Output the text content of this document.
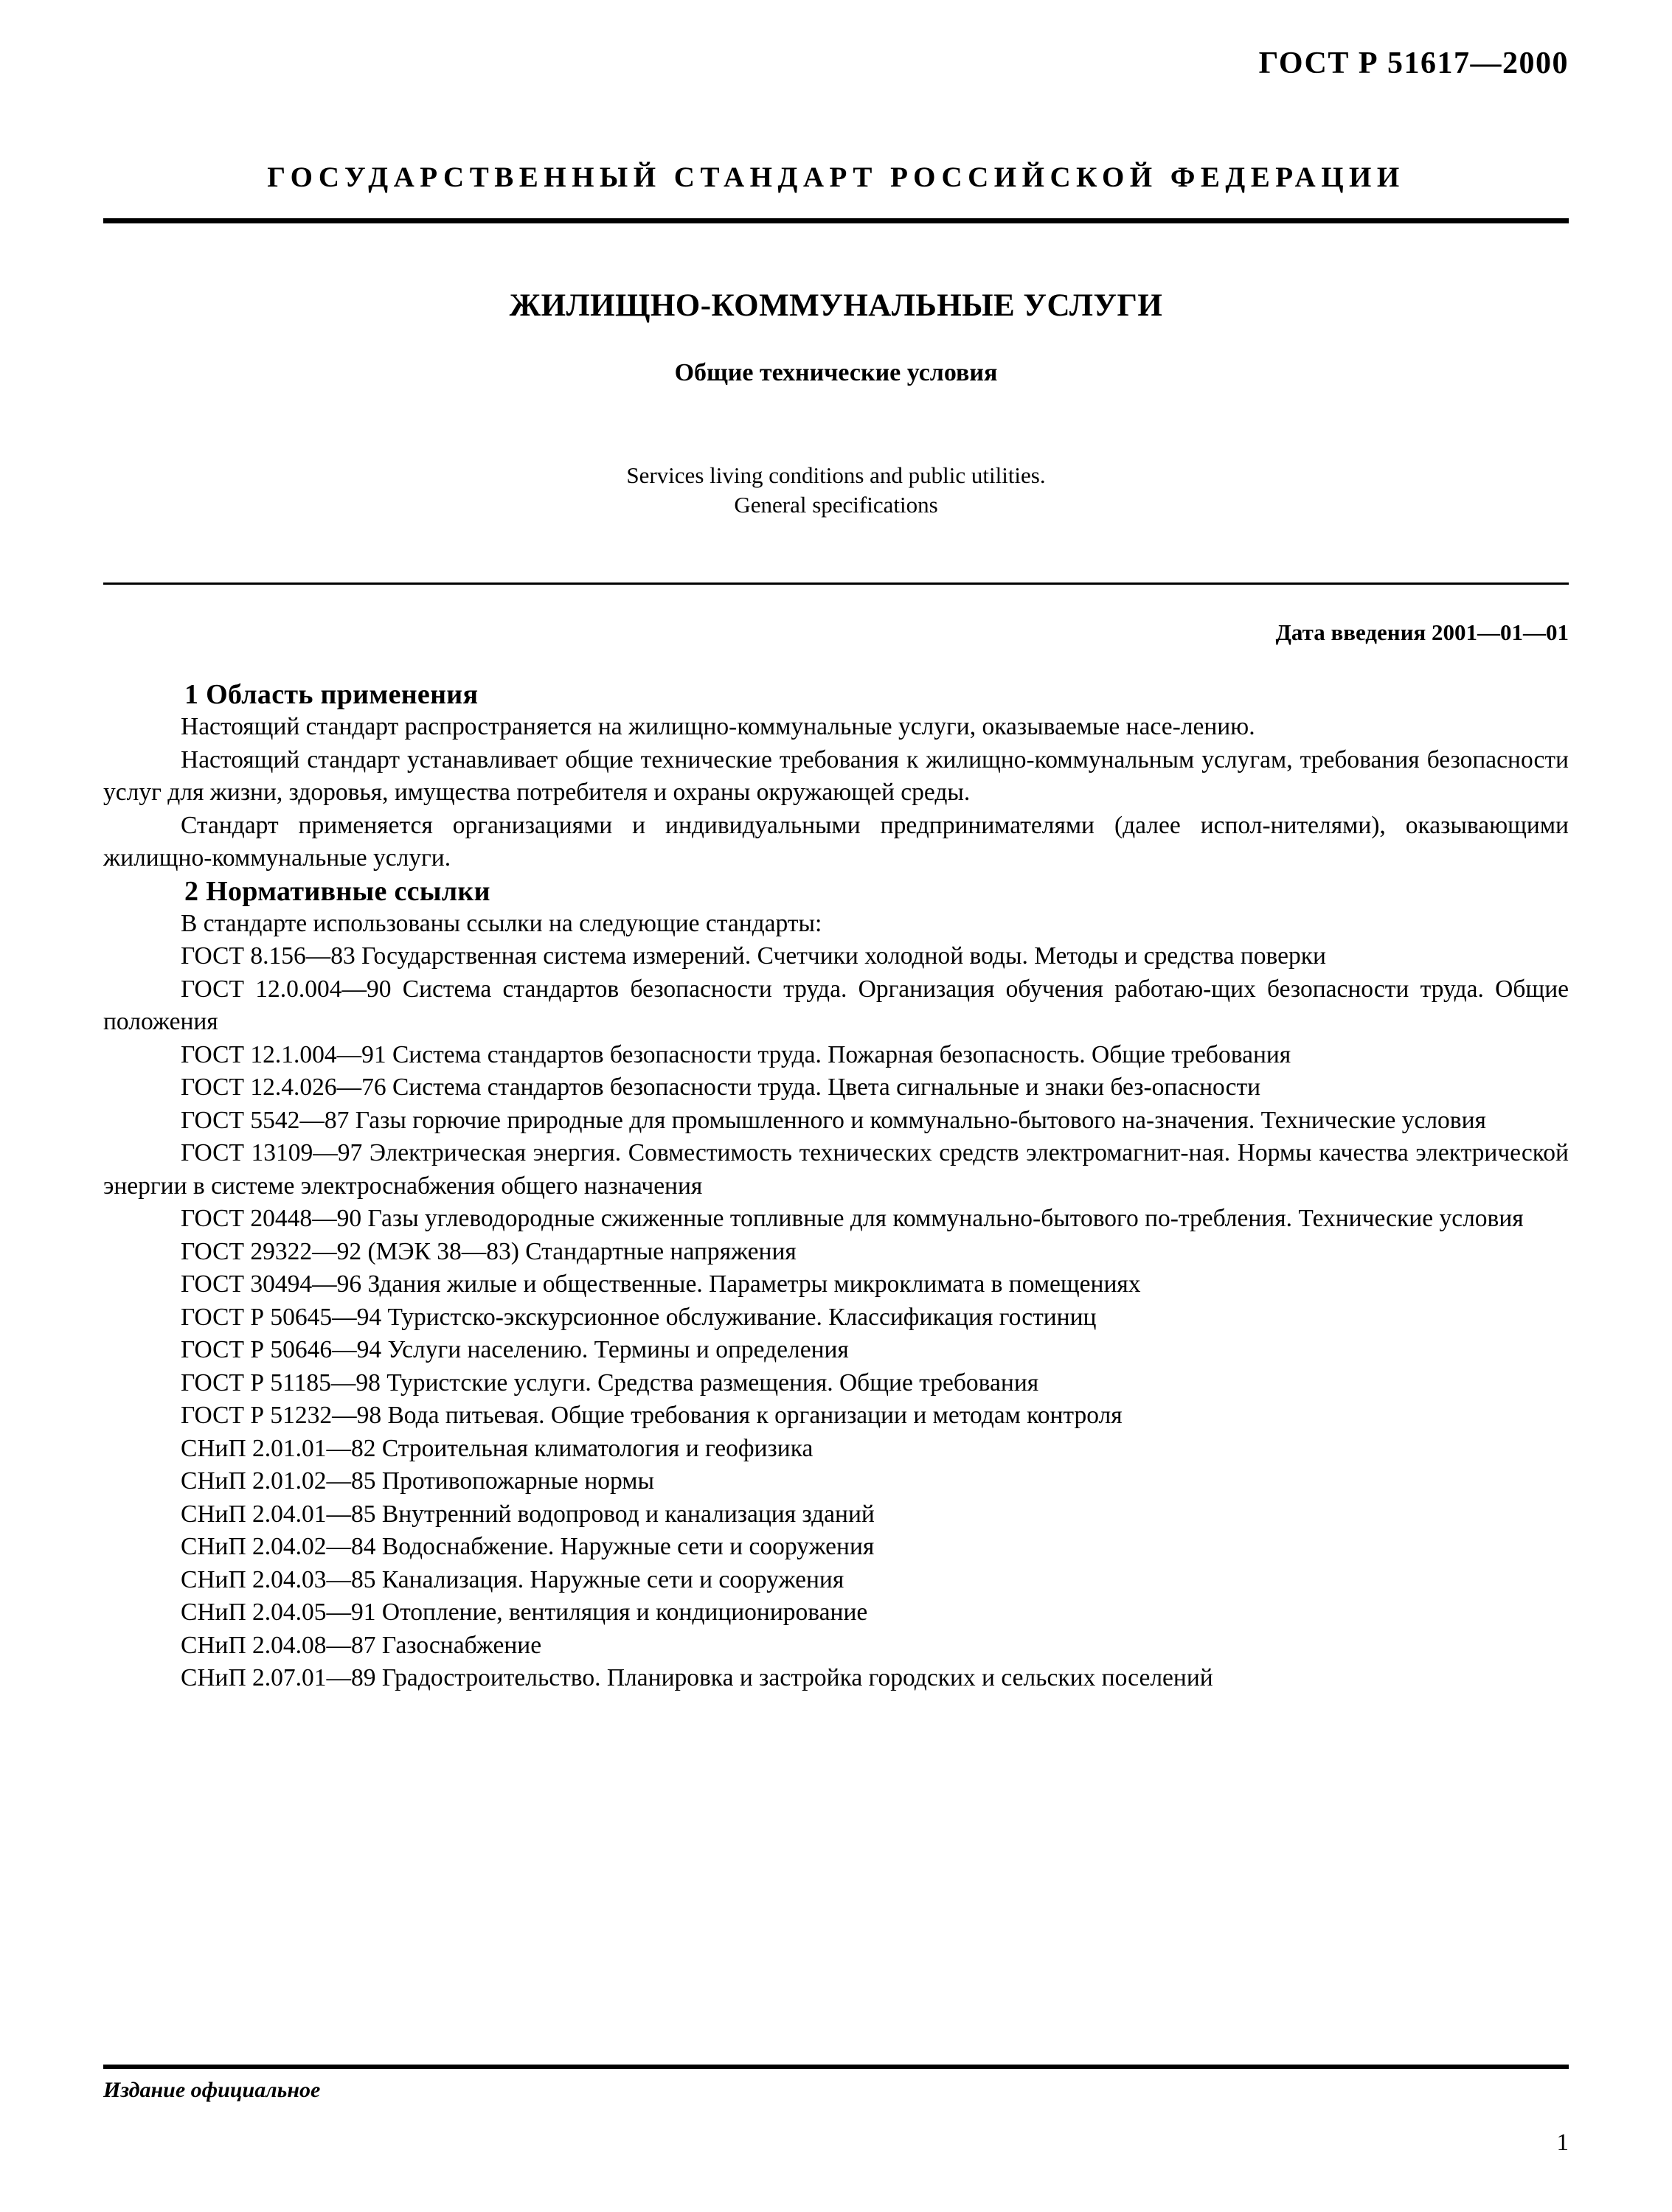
ГОСТ Р 51617—2000
ГОСУДАРСТВЕННЫЙ СТАНДАРТ РОССИЙСКОЙ ФЕДЕРАЦИИ
ЖИЛИЩНО-КОММУНАЛЬНЫЕ УСЛУГИ
Общие технические условия
Services living conditions and public utilities.
General specifications
Дата введения 2001—01—01
1 Область применения

Настоящий стандарт распространяется на жилищно-коммунальные услуги, оказываемые насе-лению.

Настоящий стандарт устанавливает общие технические требования к жилищно-коммунальным услугам, требования безопасности услуг для жизни, здоровья, имущества потребителя и охраны окружающей среды.

Стандарт применяется организациями и индивидуальными предпринимателями (далее испол-нителями), оказывающими жилищно-коммунальные услуги.

2 Нормативные ссылки

В стандарте использованы ссылки на следующие стандарты:

ГОСТ 8.156—83 Государственная система измерений. Счетчики холодной воды. Методы и средства поверки
ГОСТ 12.0.004—90 Система стандартов безопасности труда. Организация обучения работаю-щих безопасности труда. Общие положения
ГОСТ 12.1.004—91 Система стандартов безопасности труда. Пожарная безопасность. Общие требования
ГОСТ 12.4.026—76 Система стандартов безопасности труда. Цвета сигнальные и знаки без-опасности
ГОСТ 5542—87 Газы горючие природные для промышленного и коммунально-бытового на-значения. Технические условия
ГОСТ 13109—97 Электрическая энергия. Совместимость технических средств электромагнит-ная. Нормы качества электрической энергии в системе электроснабжения общего назначения
ГОСТ 20448—90 Газы углеводородные сжиженные топливные для коммунально-бытового по-требления. Технические условия
ГОСТ 29322—92 (МЭК 38—83) Стандартные напряжения
ГОСТ 30494—96 Здания жилые и общественные. Параметры микроклимата в помещениях
ГОСТ Р 50645—94 Туристско-экскурсионное обслуживание. Классификация гостиниц
ГОСТ Р 50646—94 Услуги населению. Термины и определения
ГОСТ Р 51185—98 Туристские услуги. Средства размещения. Общие требования
ГОСТ Р 51232—98 Вода питьевая. Общие требования к организации и методам контроля
СНиП 2.01.01—82 Строительная климатология и геофизика
СНиП 2.01.02—85 Противопожарные нормы
СНиП 2.04.01—85 Внутренний водопровод и канализация зданий
СНиП 2.04.02—84 Водоснабжение. Наружные сети и сооружения
СНиП 2.04.03—85 Канализация. Наружные сети и сооружения
СНиП 2.04.05—91 Отопление, вентиляция и кондиционирование
СНиП 2.04.08—87 Газоснабжение
СНиП 2.07.01—89 Градостроительство. Планировка и застройка городских и сельских поселений
Издание официальное
1
